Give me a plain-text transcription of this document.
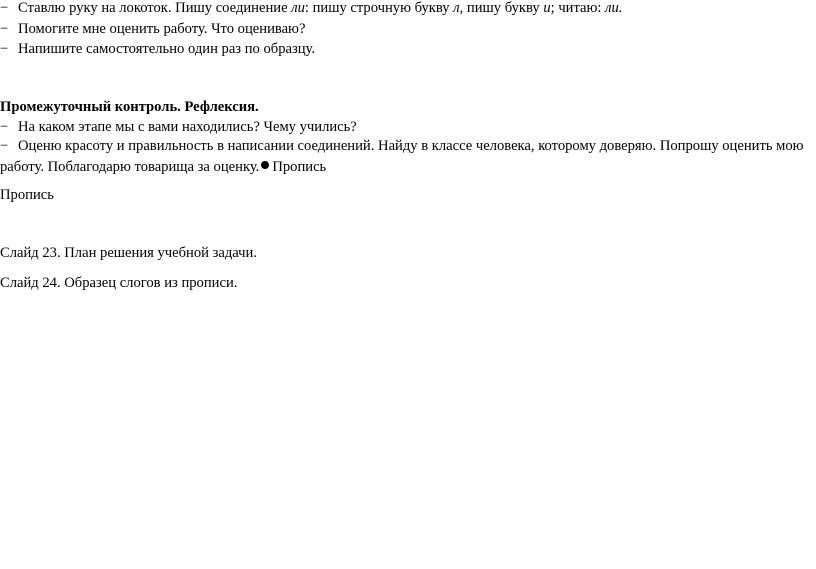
− Ставлю руку на локоток. Пишу соединение ли: пишу строчную букву л, пишу букву и; читаю: ли.
− Помогите мне оценить работу. Что оцениваю?
− Напишите самостоятельно один раз по образцу.
Промежуточный контроль. Рефлексия.
− На каком этапе мы с вами находились? Чему учились?
− Оценю красоту и правильность в написании соединений. Найду в классе человека, которому доверяю. Попрошу оценить мою работу. Поблагодарю товарища за оценку. Пропись
Пропись
Слайд 23. План решения учебной задачи.
Слайд 24. Образец слогов из прописи.
